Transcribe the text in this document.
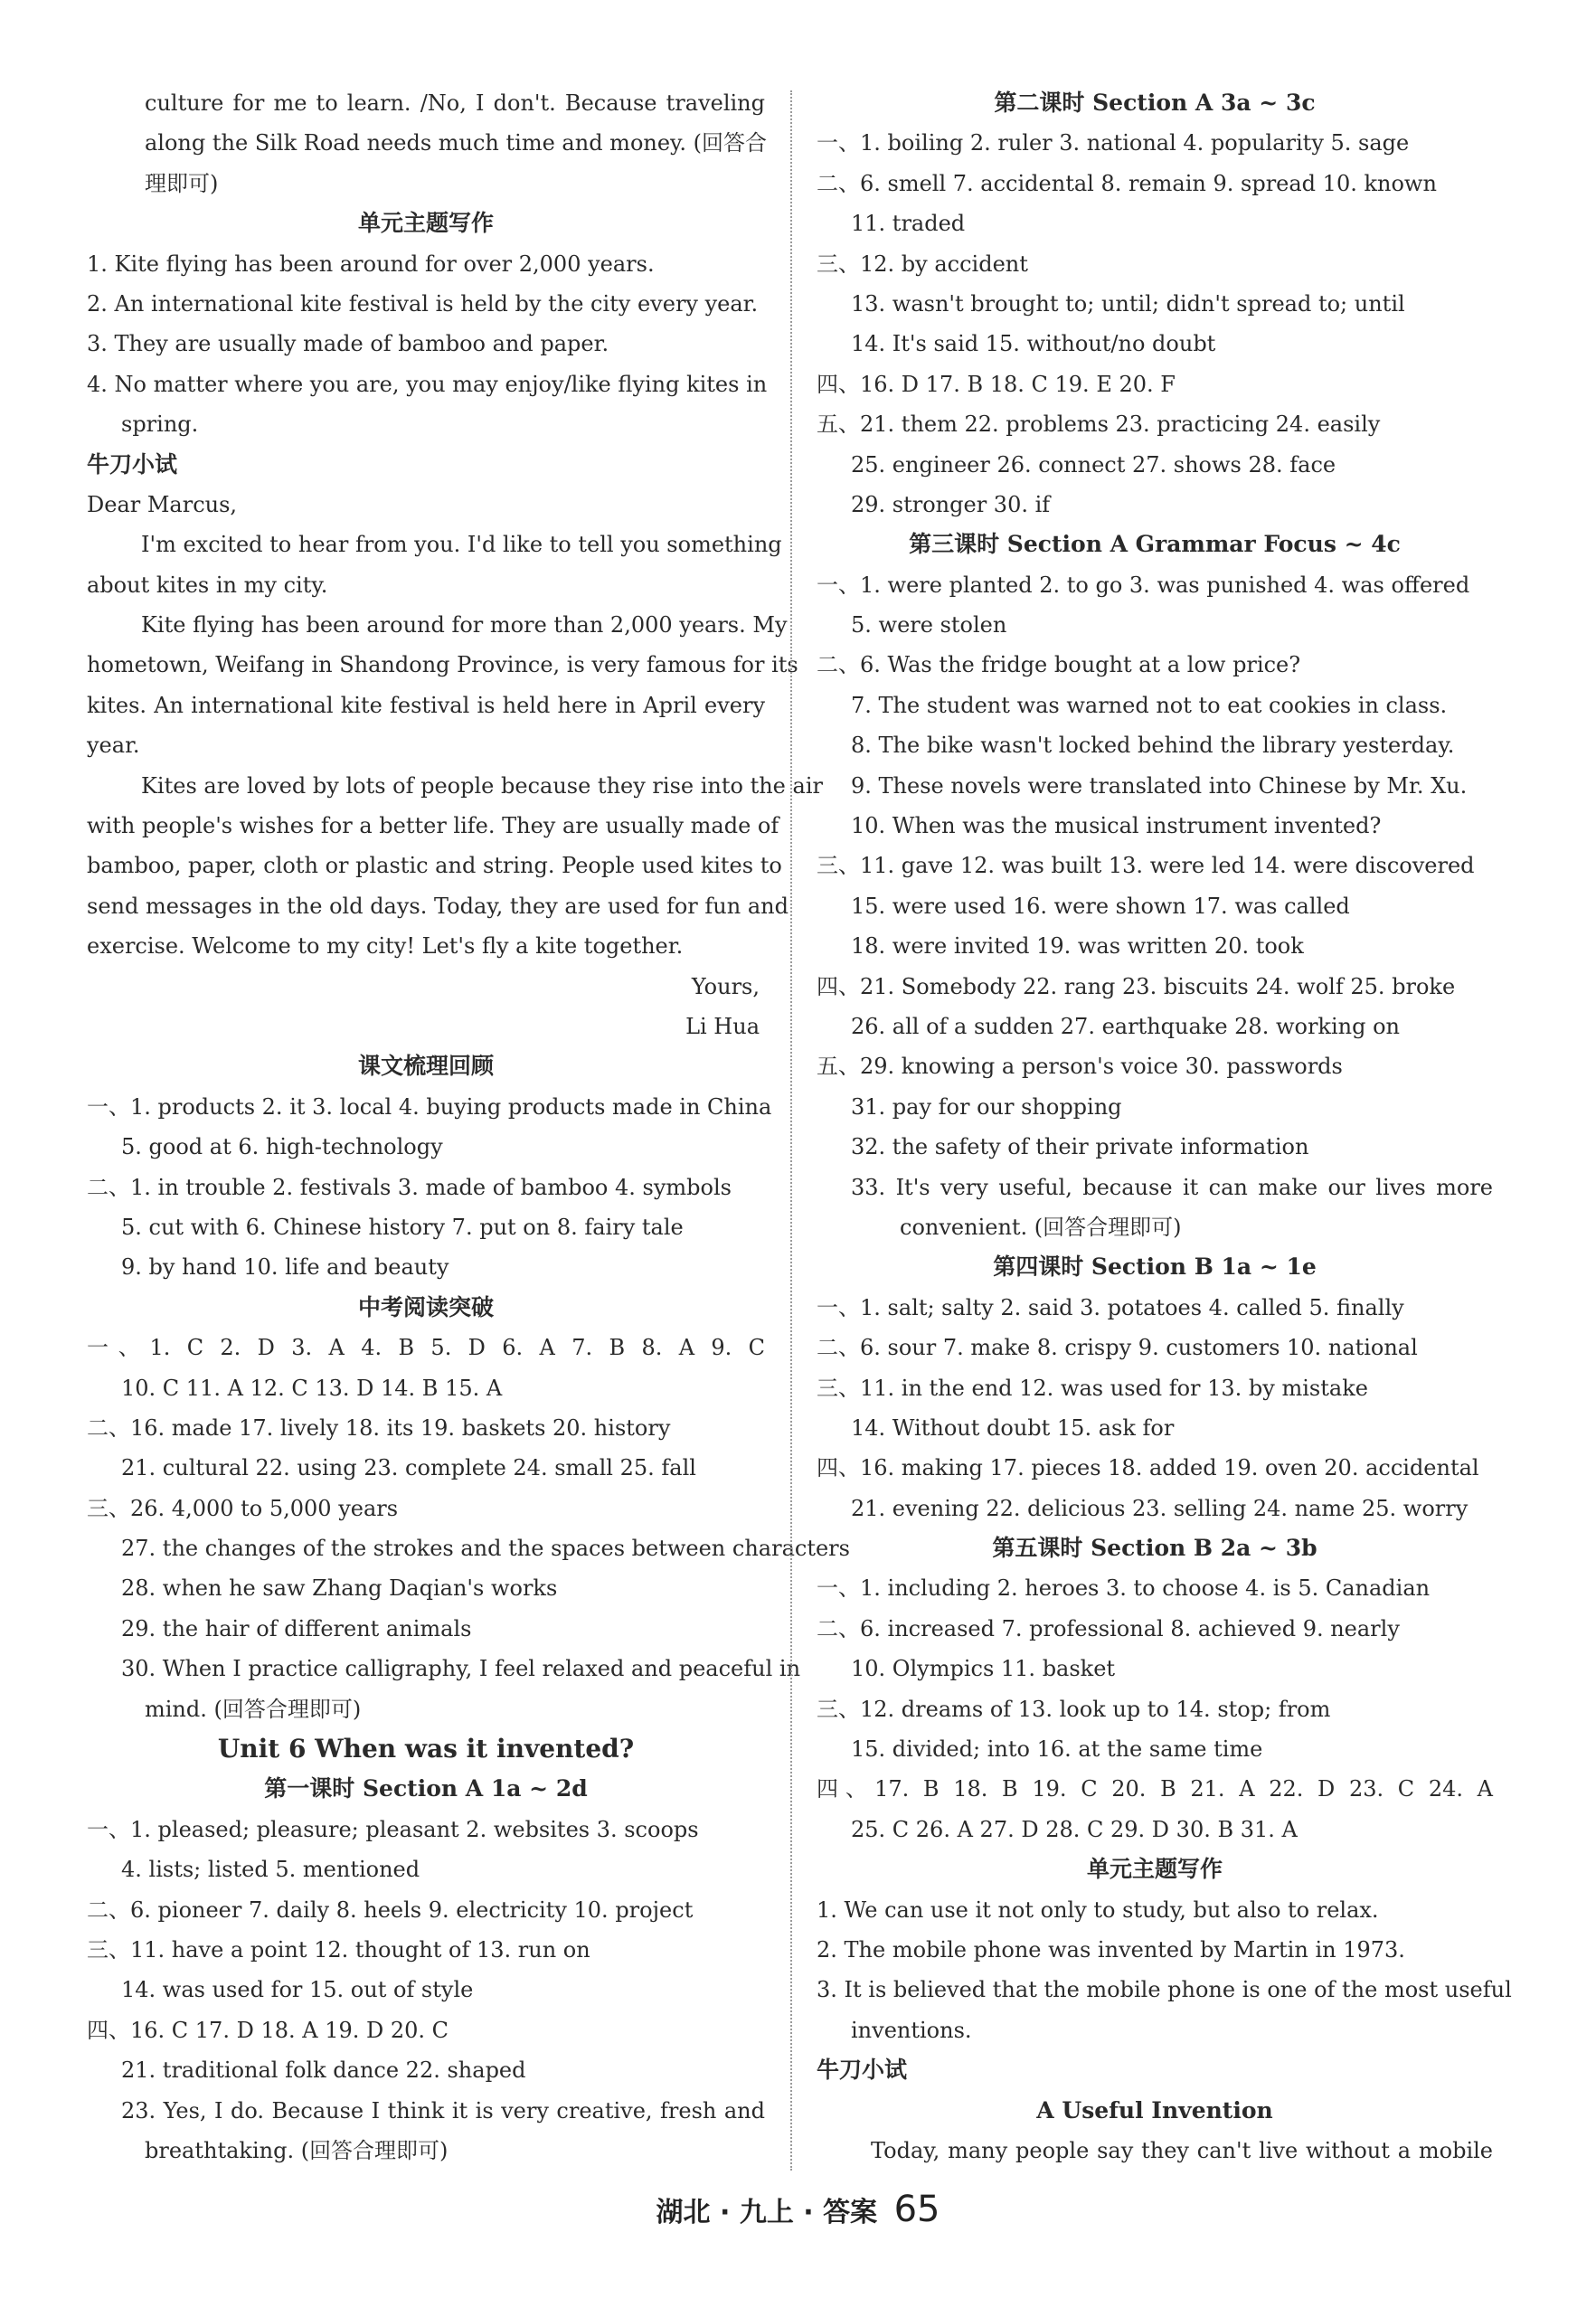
culture for me to learn. /No, I don't. Because traveling
along the Silk Road needs much time and money. (回答合
理即可)
单元主题写作
1. Kite flying has been around for over 2,000 years.
2. An international kite festival is held by the city every year.
3. They are usually made of bamboo and paper.
4. No matter where you are, you may enjoy/like flying kites in
spring.
牛刀小试
Dear Marcus,
I'm excited to hear from you. I'd like to tell you something
about kites in my city.
Kite flying has been around for more than 2,000 years. My
hometown, Weifang in Shandong Province, is very famous for its
kites. An international kite festival is held here in April every
year.
Kites are loved by lots of people because they rise into the air
with people's wishes for a better life. They are usually made of
bamboo, paper, cloth or plastic and string. People used kites to
send messages in the old days. Today, they are used for fun and
exercise. Welcome to my city! Let's fly a kite together.
Yours,
Li Hua
课文梳理回顾
一、1. products 2. it 3. local 4. buying products made in China
5. good at 6. high-technology
二、1. in trouble 2. festivals 3. made of bamboo 4. symbols
5. cut with 6. Chinese history 7. put on 8. fairy tale
9. by hand 10. life and beauty
中考阅读突破
一、1. C 2. D 3. A 4. B 5. D 6. A 7. B 8. A 9. C
10. C 11. A 12. C 13. D 14. B 15. A
二、16. made 17. lively 18. its 19. baskets 20. history
21. cultural 22. using 23. complete 24. small 25. fall
三、26. 4,000 to 5,000 years
27. the changes of the strokes and the spaces between characters
28. when he saw Zhang Daqian's works
29. the hair of different animals
30. When I practice calligraphy, I feel relaxed and peaceful in
mind. (回答合理即可)
Unit 6 When was it invented?
第一课时 Section A 1a ~ 2d
一、1. pleased; pleasure; pleasant 2. websites 3. scoops
4. lists; listed 5. mentioned
二、6. pioneer 7. daily 8. heels 9. electricity 10. project
三、11. have a point 12. thought of 13. run on
14. was used for 15. out of style
四、16. C 17. D 18. A 19. D 20. C
21. traditional folk dance 22. shaped
23. Yes, I do. Because I think it is very creative, fresh and
breathtaking. (回答合理即可)
第二课时 Section A 3a ~ 3c
一、1. boiling 2. ruler 3. national 4. popularity 5. sage
二、6. smell 7. accidental 8. remain 9. spread 10. known
11. traded
三、12. by accident
13. wasn't brought to; until; didn't spread to; until
14. It's said 15. without/no doubt
四、16. D 17. B 18. C 19. E 20. F
五、21. them 22. problems 23. practicing 24. easily
25. engineer 26. connect 27. shows 28. face
29. stronger 30. if
第三课时 Section A Grammar Focus ~ 4c
一、1. were planted 2. to go 3. was punished 4. was offered
5. were stolen
二、6. Was the fridge bought at a low price?
7. The student was warned not to eat cookies in class.
8. The bike wasn't locked behind the library yesterday.
9. These novels were translated into Chinese by Mr. Xu.
10. When was the musical instrument invented?
三、11. gave 12. was built 13. were led 14. were discovered
15. were used 16. were shown 17. was called
18. were invited 19. was written 20. took
四、21. Somebody 22. rang 23. biscuits 24. wolf 25. broke
26. all of a sudden 27. earthquake 28. working on
五、29. knowing a person's voice 30. passwords
31. pay for our shopping
32. the safety of their private information
33. It's very useful, because it can make our lives more
convenient. (回答合理即可)
第四课时 Section B 1a ~ 1e
一、1. salt; salty 2. said 3. potatoes 4. called 5. finally
二、6. sour 7. make 8. crispy 9. customers 10. national
三、11. in the end 12. was used for 13. by mistake
14. Without doubt 15. ask for
四、16. making 17. pieces 18. added 19. oven 20. accidental
21. evening 22. delicious 23. selling 24. name 25. worry
第五课时 Section B 2a ~ 3b
一、1. including 2. heroes 3. to choose 4. is 5. Canadian
二、6. increased 7. professional 8. achieved 9. nearly
10. Olympics 11. basket
三、12. dreams of 13. look up to 14. stop; from
15. divided; into 16. at the same time
四、17. B 18. B 19. C 20. B 21. A 22. D 23. C 24. A
25. C 26. A 27. D 28. C 29. D 30. B 31. A
单元主题写作
1. We can use it not only to study, but also to relax.
2. The mobile phone was invented by Martin in 1973.
3. It is believed that the mobile phone is one of the most useful
inventions.
牛刀小试
A Useful Invention
Today, many people say they can't live without a mobile
湖北 · 九上 · 答案 65
